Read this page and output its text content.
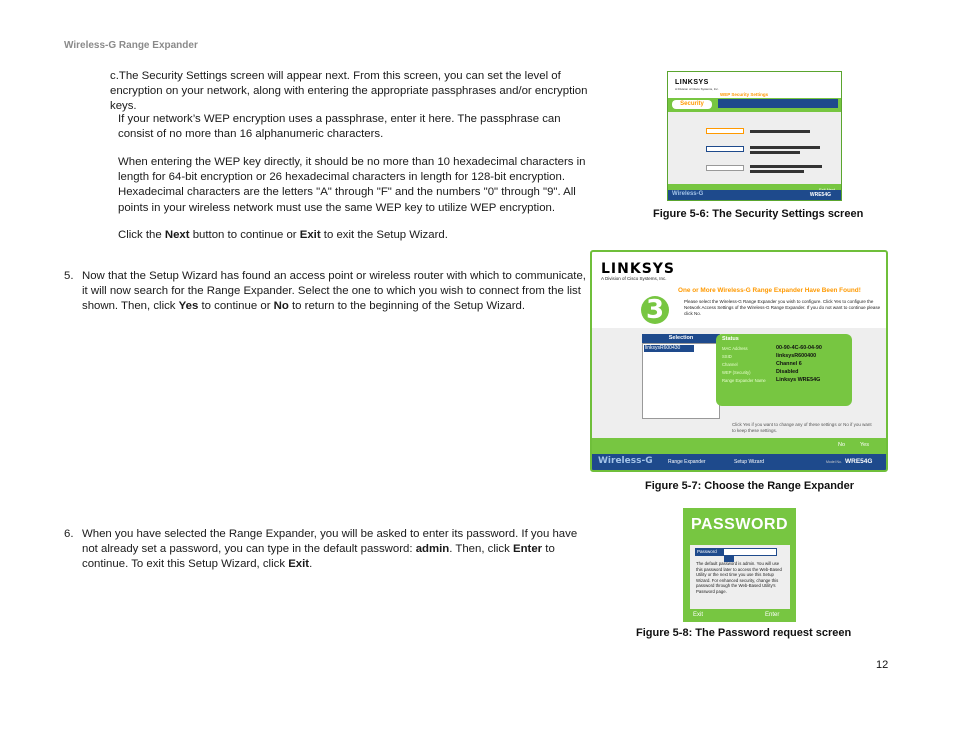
Wireless-G Range Expander
c.The Security Settings screen will appear next. From this screen, you can set the level of encryption on your network, along with entering the appropriate passphrases and/or encryption keys.
If your network’s WEP encryption uses a passphrase, enter it here. The passphrase can consist of no more than 16 alphanumeric characters.
When entering the WEP key directly, it should be no more than 10 hexadecimal characters in length for 64-bit encryption or 26 hexadecimal characters in length for 128-bit encryption. Hexadecimal characters are the letters "A" through "F" and the numbers "0" through "9". All points in your wireless network must use the same WEP key to utilize WEP encryption.
Click the Next button to continue or Exit to exit the Setup Wizard.
5. Now that the Setup Wizard has found an access point or wireless router with which to communicate, it will now search for the Range Expander. Select the one to which you wish to connect from the list shown. Then, click Yes to continue or No to return to the beginning of the Setup Wizard.
6. When you have selected the Range Expander, you will be asked to enter its password. If you have not already set a password, you can type in the default password: admin. Then, click Enter to continue. To exit this Setup Wizard, click Exit.
LINKSYS
A Division of Cisco Systems, Inc.
WEP Security Settings
Security
Wireless-G	WRE54G
Figure 5-6: The Security Settings screen
LINKSYS
A Division of Cisco Systems, Inc.
One or More Wireless-G Range Expander Have Been Found!
3	Please select the Wireless-G Range Expander you wish to configure. Click Yes to configure the Network Access Settings of the Wireless-G Range Expander. If you do not want to continue please click No.
Selection
linksysR600430
Status
MAC Address	00-90-4C-60-04-90
SSID	linksysR600400
Channel	Channel 6
WEP (Security)	Disabled
Range Expander Name Linksys WRE54G
Click Yes if you want to change any of these settings or No if you want to keep these settings.
No	Yes
Wireless-G	Range Expander	Setup Wizard	Model No. WRE54G
Figure 5-7: Choose the Range Expander
PASSWORD
Password
The default password is admin. You will use this password later to access the Web-Based Utility or the next time you use this Setup Wizard. For enhanced security, change this password through the Web-Based Utility's Password page.
Exit	Enter
Figure 5-8: The Password request screen
12
